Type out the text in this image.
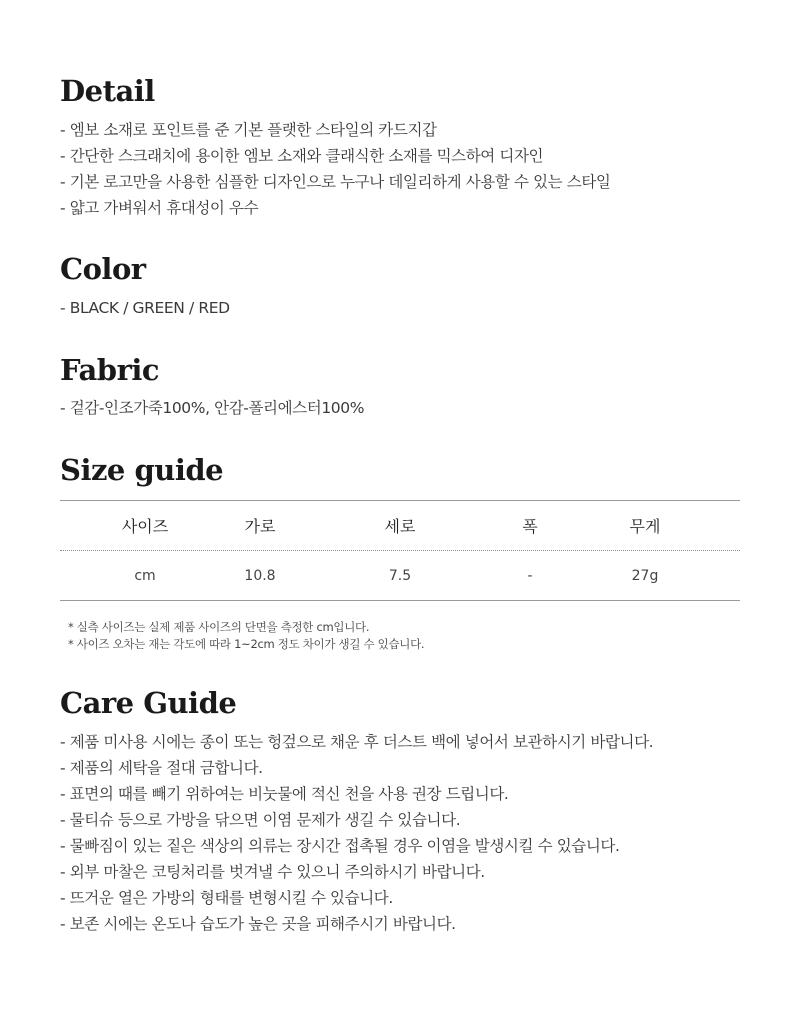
Detail
- 엠보 소재로 포인트를 준 기본 플랫한 스타일의 카드지갑
- 간단한 스크래치에 용이한 엠보 소재와 클래식한 소재를 믹스하여 디자인
- 기본 로고만을 사용한 심플한 디자인으로 누구나 데일리하게 사용할 수 있는 스타일
- 얇고 가벼워서 휴대성이 우수
Color
- BLACK / GREEN / RED
Fabric
- 겉감-인조가죽100%, 안감-폴리에스터100%
Size guide
사이즈	가로	세로	폭	무게
cm	10.8	7.5	-	27g
* 실측 사이즈는 실제 제품 사이즈의 단면을 측정한 cm입니다.
* 사이즈 오차는 재는 각도에 따라 1~2cm 정도 차이가 생길 수 있습니다.
Care Guide
- 제품 미사용 시에는 종이 또는 헝겊으로 채운 후 더스트 백에 넣어서 보관하시기 바랍니다.
- 제품의 세탁을 절대 금합니다.
- 표면의 때를 빼기 위하여는 비눗물에 적신 천을 사용 권장 드립니다.
- 물티슈 등으로 가방을 닦으면 이염 문제가 생길 수 있습니다.
- 물빠짐이 있는 짙은 색상의 의류는 장시간 접촉될 경우 이염을 발생시킬 수 있습니다.
- 외부 마찰은 코팅처리를 벗겨낼 수 있으니 주의하시기 바랍니다.
- 뜨거운 열은 가방의 형태를 변형시킬 수 있습니다.
- 보존 시에는 온도나 습도가 높은 곳을 피해주시기 바랍니다.
